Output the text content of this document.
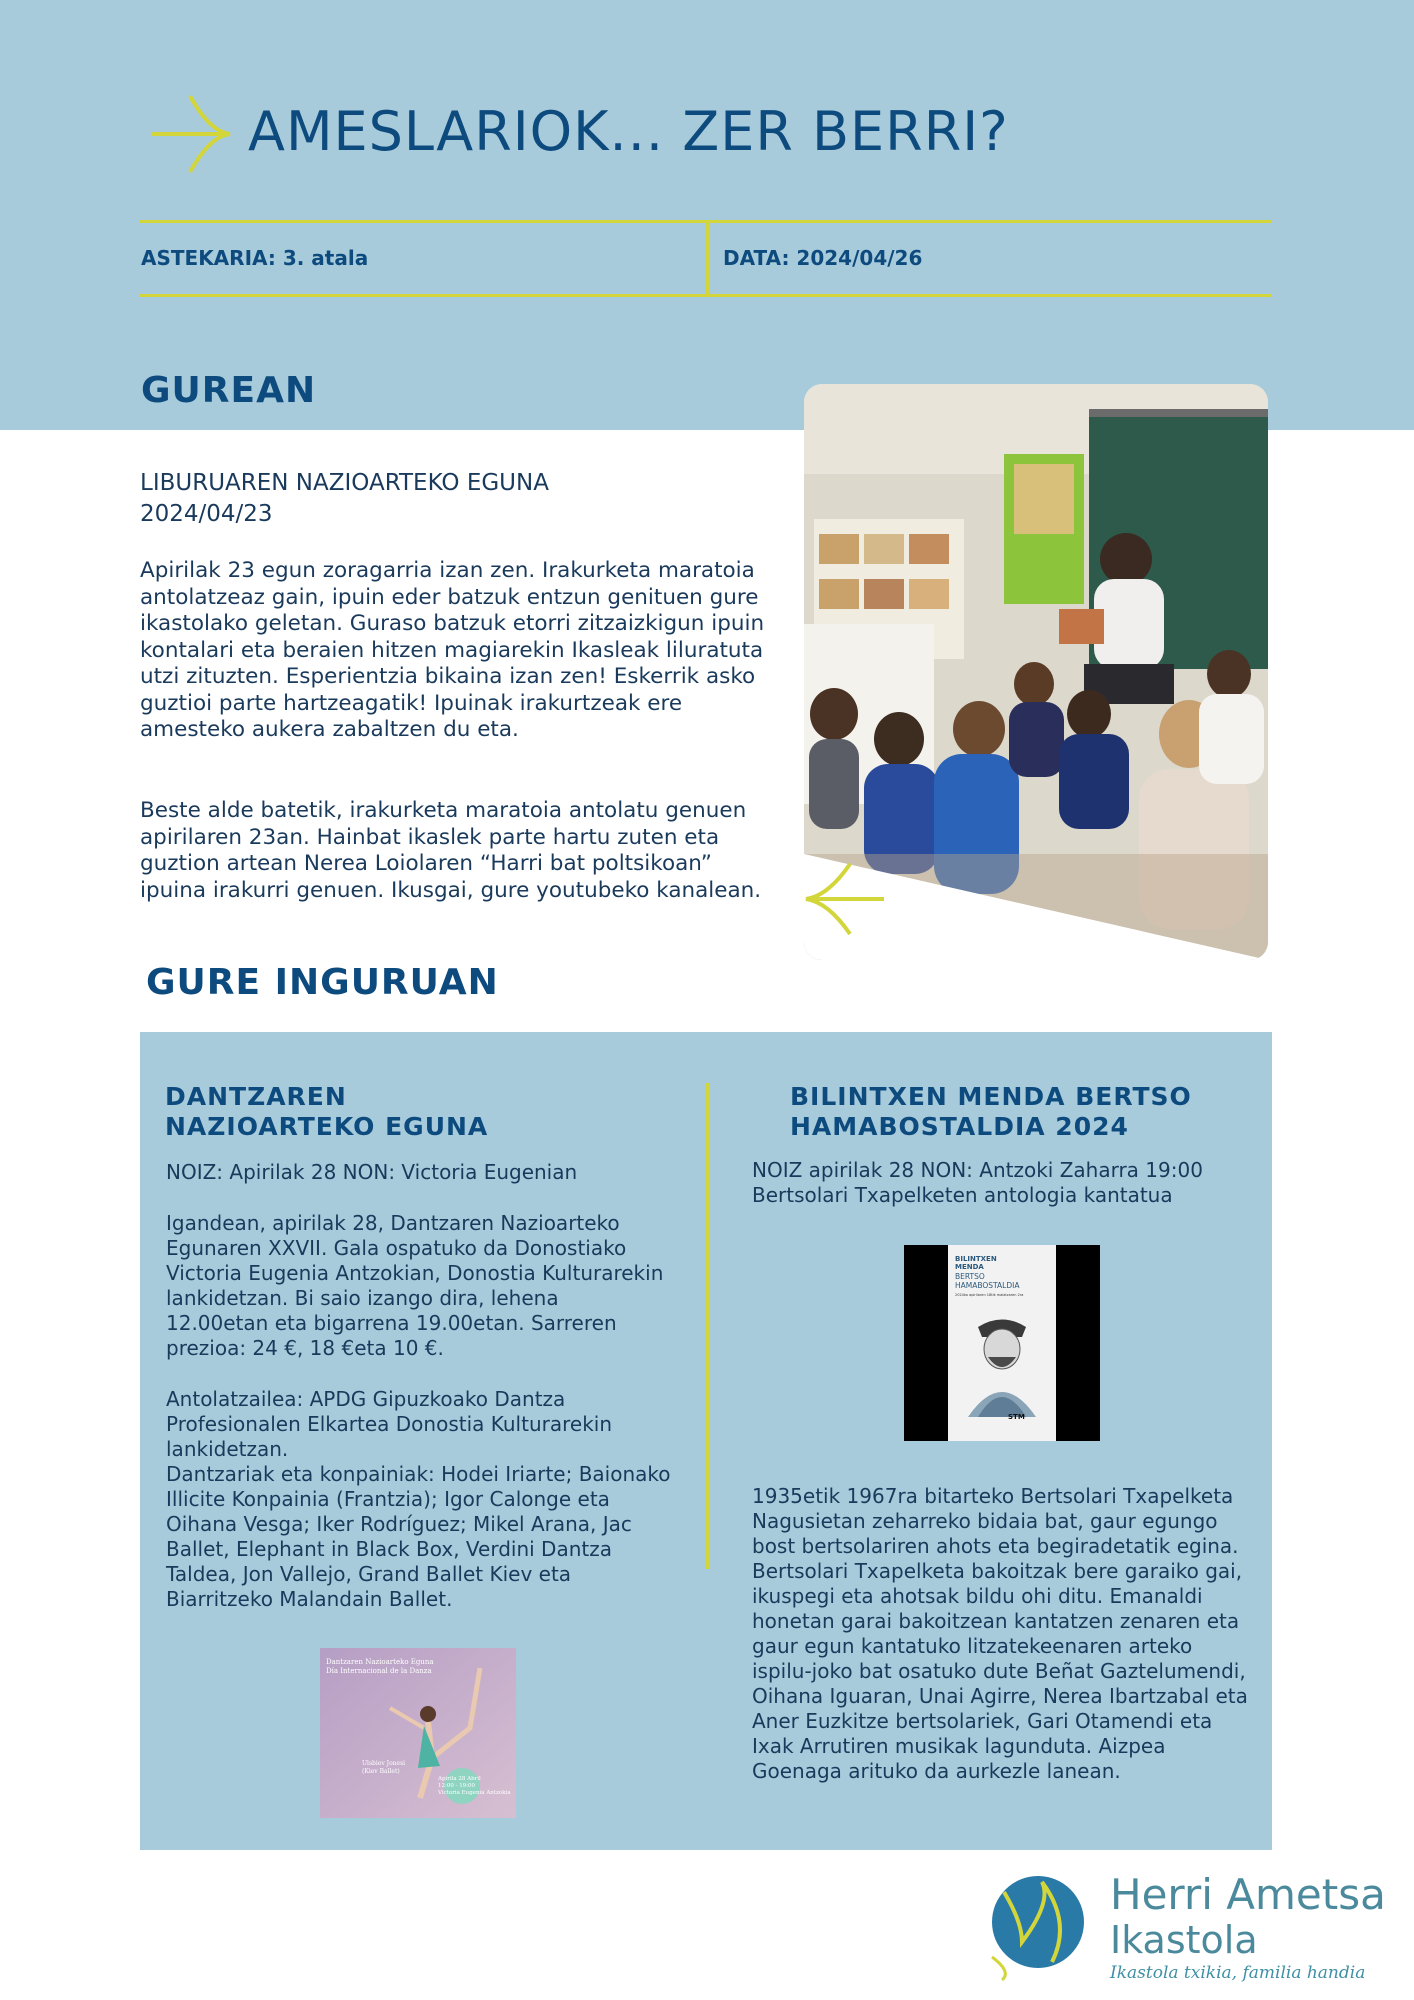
AMESLARIOK... ZER BERRI?
ASTEKARIA: 3. atala	DATA: 2024/04/26
GUREAN
LIBURUAREN NAZIOARTEKO EGUNA
2024/04/23

Apirilak 23 egun zoragarria izan zen. Irakurketa maratoia antolatzeaz gain, ipuin eder batzuk entzun genituen gure ikastolako geletan. Guraso batzuk etorri zitzaizkigun ipuin kontalari eta beraien hitzen magiarekin Ikasleak liluratuta utzi zituzten. Esperientzia bikaina izan zen! Eskerrik asko guztioi parte hartzeagatik! Ipuinak irakurtzeak ere amesteko aukera zabaltzen du eta.

Beste alde batetik, irakurketa maratoia antolatu genuen apirilaren 23an. Hainbat ikaslek parte hartu zuten eta guztion artean Nerea Loiolaren “Harri bat poltsikoan” ipuina irakurri genuen. Ikusgai, gure youtubeko kanalean.

GURE INGURUAN
DANTZAREN
NAZIOARTEKO EGUNA

NOIZ: Apirilak 28 NON: Victoria Eugenian

Igandean, apirilak 28, Dantzaren Nazioarteko Egunaren XXVII. Gala ospatuko da Donostiako Victoria Eugenia Antzokian, Donostia Kulturarekin lankidetzan. Bi saio izango dira, lehena 12.00etan eta bigarrena 19.00etan. Sarreren prezioa: 24 €, 18 €eta 10 €.

Antolatzailea: APDG Gipuzkoako Dantza Profesionalen Elkartea Donostia Kulturarekin lankidetzan.

Dantzariak eta konpainiak: Hodei Iriarte; Baionako Illicite Konpainia (Frantzia); Igor Calonge eta Oihana Vesga; Iker Rodríguez; Mikel Arana, Jac Ballet, Elephant in Black Box, Verdini Dantza Taldea, Jon Vallejo, Grand Ballet Kiev eta Biarritzeko Malandain Ballet.

Dantzaren Nazioarteko Eguna
Día Internacional de la Danza
Ulsbiev Jonesi
(Kiev Ballet)
Apirila 28 Abril
12:00 - 19:00
Victoria Eugenia Antzokia
BILINTXEN MENDA BERTSO
HAMABOSTALDIA 2024

NOIZ apirilak 28 NON: Antzoki Zaharra 19:00
Bertsolari Txapelketen antologia kantatua

BILINTXEN
MENDA
BERTSO
HAMABOSTALDIA
2024ko apirilaren 18tik maiatzaren 2ra
STM

1935etik 1967ra bitarteko Bertsolari Txapelketa Nagusietan zeharreko bidaia bat, gaur egungo bost bertsolariren ahots eta begiradetatik egina. Bertsolari Txapelketa bakoitzak bere garaiko gai, ikuspegi eta ahotsak bildu ohi ditu. Emanaldi honetan garai bakoitzean kantatzen zenaren eta gaur egun kantatuko litzatekeenaren arteko ispilu-joko bat osatuko dute Beñat Gaztelumendi, Oihana Iguaran, Unai Agirre, Nerea Ibartzabal eta Aner Euzkitze bertsolariek, Gari Otamendi eta Ixak Arrutiren musikak lagunduta. Aizpea Goenaga arituko da aurkezle lanean.

Herri Ametsa
Ikastola
Ikastola txikia, familia handia
